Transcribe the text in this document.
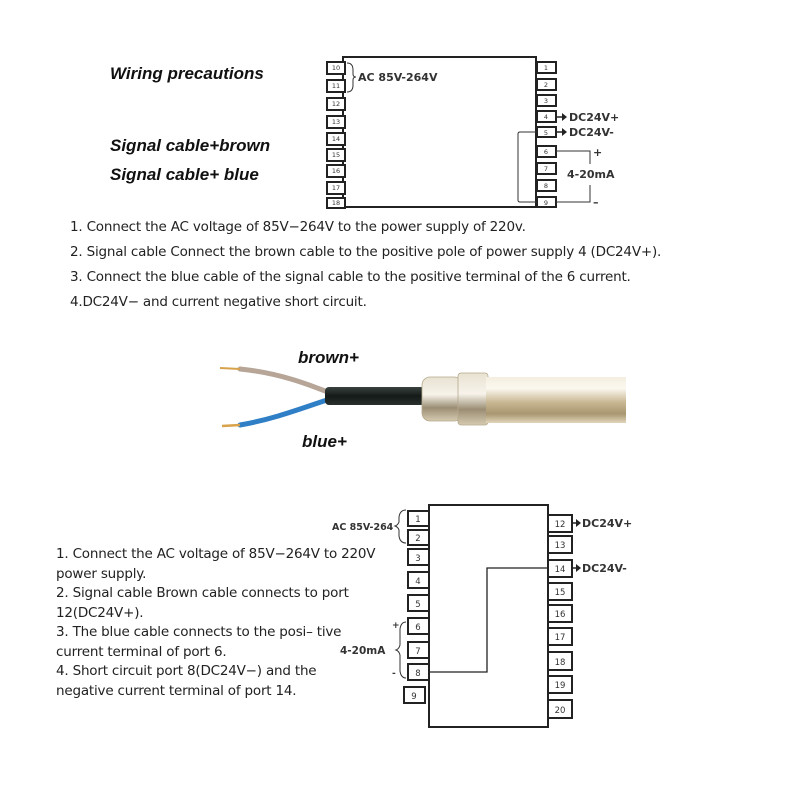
Wiring precautions
Signal cable+brown
Signal cable+ blue
10
11
12
13
14
15
16
17
18
AC 85V-264V
1
2
3
4
5
6
7
8
9
DC24V+
DC24V-
+
4-20mA
–
1. Connect the AC voltage of 85V−264V to the power supply of 220v.
2. Signal cable Connect the brown cable to the positive pole of power supply 4 (DC24V+).
3. Connect the blue cable of the signal cable to the positive terminal of the 6 current.
4.DC24V− and current negative short circuit.
brown+
blue+
1. Connect the AC voltage of 85V−264V to 220V power supply.
2. Signal cable Brown cable connects to port 12(DC24V+).
3. The blue cable connects to the posi– tive current terminal of port 6.
4. Short circuit port 8(DC24V−) and the negative current terminal of port 14.
1
2
3
4
5
6
7
8
9
AC 85V-264
+
4-20mA
-
12
13
14
15
16
17
18
19
20
DC24V+
DC24V-
